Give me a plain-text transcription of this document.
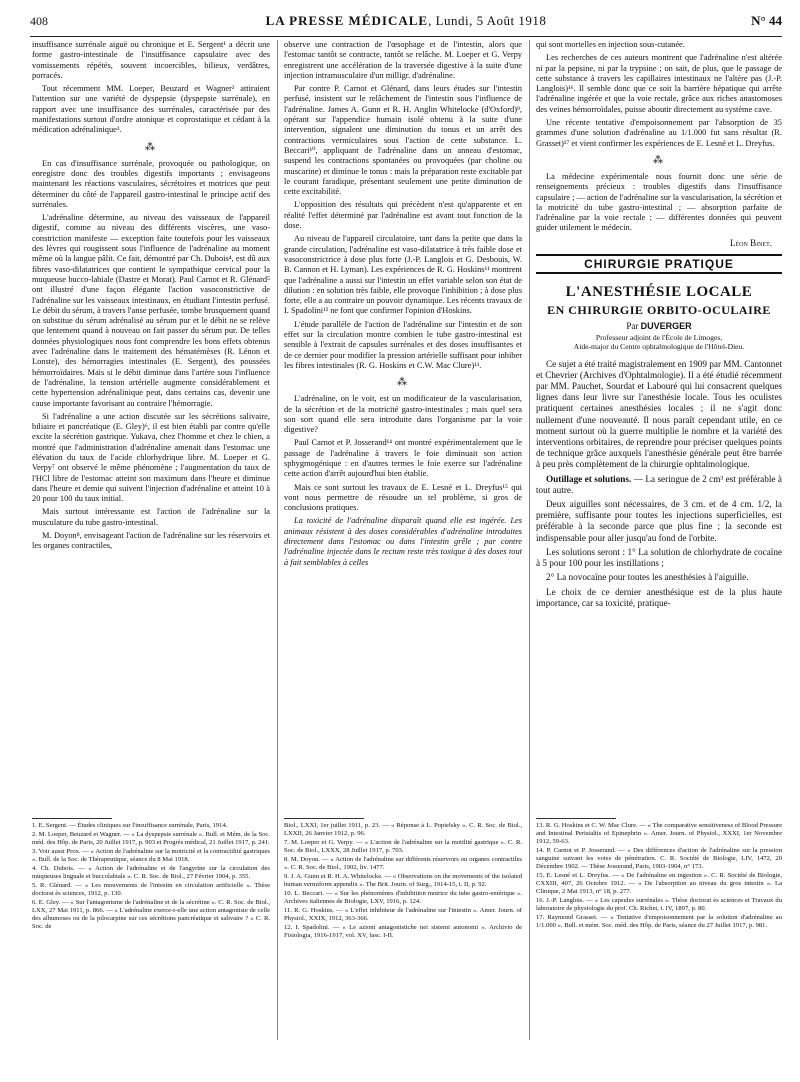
408	LA PRESSE MÉDICALE, Lundi, 5 Août 1918	N° 44

insuffisance surrénale aiguë ou chronique et E. Sergent¹ a décrit une forme gastro-intestinale de l'insuffisance capsulaire avec des vomissements répétés, souvent incoercibles, bilieux, verdâtres, porracés.

Tout récemment MM. Loeper, Beuzard et Wagner² attiraient l'attention sur une variété de dyspepsie (dyspepsie surrénale), en rapport avec une insuffisance des surrénales, caractérisée par des manifestations surtout d'ordre atonique et coprostatique et cédant à la médication adrénalinique³.

⁂

En cas d'insuffisance surrénale, provoquée ou pathologique, on enregistre donc des troubles digestifs importants ; envisageons maintenant les réactions vasculaires, sécrétoires et motrices que peut déterminer du côté de l'appareil gastro-intestinal le principe actif des surrénales.

L'adrénaline détermine, au niveau des vaisseaux de l'appareil digestif, comme au niveau des différents viscères, une vaso-constriction manifeste — exception faite toutefois pour les vaisseaux des lèvres qui rougissent sous l'influence de l'adrénaline au moment même où la langue pâlit. Ce fait, démontré par Ch. Dubois⁴, est dû aux fibres vaso-dilatatrices que contient le sympathique cervical pour la muqueuse bucco-labiale (Dastre et Morat). Paul Carnot et R. Glénard⁵ ont illustré d'une façon élégante l'action vasoconstrictive de l'adrénaline sur les vaisseaux intestinaux, en étudiant l'intestin perfusé. Le débit du sérum, à travers l'anse perfusée, tombe brusquement quand on substitue du sérum adrénalisé au sérum pur et le débit ne se relève que lentement quand à nouveau on fait passer du sérum pur. De telles données physiologiques nous font comprendre les bons effets obtenus avec l'adrénaline dans le traitement des hématémèses (R. Lénon et Lonste), des hémorragies intestinales (E. Sergent), des poussées hémorroïdaires. Mais si le débit diminue dans l'artère sous l'influence de l'adrénaline, la tension artérielle augmente considérablement et cette hypertension adrénalinique peut, dans certains cas, devenir une cause importante favorisant au contraire l'hémorragie.

Si l'adrénaline a une action discutée sur les sécrétions salivaire, biliaire et pancréatique (E. Gley)⁶, il est bien établi par contre qu'elle excite la sécrétion gastrique. Yukava, chez l'homme et chez le chien, a montré que l'administration d'adrénaline amenait dans l'estomac une élévation du taux de l'acide chlorhydrique libre. M. Loeper et G. Verpy⁷ ont observé le même phénomène ; l'augmentation du taux de l'HCl libre de l'estomac atteint son maximum dans l'heure et diminue dans l'heure et demie qui suivent l'injection d'adrénaline et atteint 10 à 20 pour 100 du taux initial.

Mais surtout intéressante est l'action de l'adrénaline sur la musculature du tube gastro-intestinal.

M. Doyon⁸, envisageant l'action de l'adrénaline sur les réservoirs et les organes contractiles,

observe une contraction de l'œsophage et de l'intestin, alors que l'estomac tantôt se contracte, tantôt se relâche. M. Loeper et G. Verpy enregistrent une accélération de la traversée digestive à la suite d'une injection intramusculaire d'un milligr. d'adrénaline.

Par contre P. Carnot et Glénard, dans leurs études sur l'intestin perfusé, insistent sur le relâchement de l'intestin sous l'influence de l'adrénaline. James A. Gunn et R. H. Anglin Whitelocke (d'Oxford)⁹, opérant sur l'appendice humain isolé obtenu à la suite d'une intervention, signalent une diminution du tonus et un arrêt des contractions vermiculaires sous l'action de cette substance. L. Beccari¹⁰, appliquant de l'adrénaline dans un anneau d'estomac, suspend les contractions spontanées ou provoquées (par choline ou muscarine) et diminue le tonus : mais la préparation reste excitable par le courant faradique, présentant seulement une petite diminution de cette excitabilité.

L'opposition des résultats qui précèdent n'est qu'apparente et en réalité l'effet déterminé par l'adrénaline est avant tout fonction de la dose.

Au niveau de l'appareil circulatoire, tant dans la petite que dans la grande circulation, l'adrénaline est vaso-dilatatrice à très faible dose et vasoconstrictrice à dose plus forte (J.-P. Langlois et G. Desbouis, W. B. Cannon et H. Lyman). Les expériences de R. G. Hoskins¹¹ montrent que l'adrénaline a aussi sur l'intestin un effet variable selon son état de dilution : en solution très faible, elle provoque l'inhibition ; à dose plus forte, elle a au contraire un pouvoir dynamique. Les récents travaux de I. Spadolini¹² ne font que confirmer l'opinion d'Hoskins.

L'étude parallèle de l'action de l'adrénaline sur l'intestin et de son effet sur la circulation montre combien le tube gastro-intestinal est sensible à l'extrait de capsules surrénales et des doses insuffisantes et de ce dernier pour modifier la pression artérielle suffisant pour inhiber les fibres intestinales (R. G. Hoskins et C.W. Mac Clure)¹³.

⁂

L'adrénaline, on le voit, est un modificateur de la vascularisation, de la sécrétion et de la motricité gastro-intestinales ; mais quel sera son sort quand elle sera introduite dans l'organisme par la voie digestive?

Paul Carnot et P. Josserand¹⁴ ont montré expérimentalement que le passage de l'adrénaline à travers le foie diminuait son action sphygmogénique : en d'autres termes le foie exerce sur l'adrénaline cette action d'arrêt aujourd'hui bien établie.

Mais ce sont surtout les travaux de E. Lesné et L. Dreyfus¹⁵ qui vont nous permettre de résoudre un tel problème, si gros de conclusions pratiques.

La toxicité de l'adrénaline disparaît quand elle est ingérée. Les animaux résistent à des doses considérables d'adrénaline introduites directement dans l'estomac ou dans l'intestin grêle ; par contre l'adrénaline injectée dans le rectum reste très toxique à des doses tout à fait semblables à celles

qui sont mortelles en injection sous-cutanée.

Les recherches de ces auteurs montrent que l'adrénaline n'est altérée ni par la pepsine, ni par la trypsine ; on sait, de plus, que le passage de cette substance à travers les capillaires intestinaux ne l'altère pas (J.-P. Langlois)¹⁶. Il semble donc que ce soit la barrière hépatique qui arrête l'adrénaline ingérée et que la voie rectale, grâce aux riches anastomoses des veines hémorroïdales, puisse aboutir directement au système cave.

Une récente tentative d'empoisonnement par l'absorption de 35 grammes d'une solution d'adrénaline au 1/1.000 fut sans résultat (R. Grasset)¹⁷ et vient confirmer les expériences de E. Lesné et L. Dreyfus.

⁂

La médecine expérimentale nous fournit donc une série de renseignements précieux : troubles digestifs dans l'insuffisance capsulaire ; — action de l'adrénaline sur la vascularisation, la sécrétion et la motricité du tube gastro-intestinal ; — absorption parfaite de l'adrénaline par la voie rectale ; — différentes données qui peuvent guider utilement le médecin.

Léon Binet.
CHIRURGIE PRATIQUE
L'ANESTHÉSIE LOCALE
EN CHIRURGIE ORBITO-OCULAIRE
Par DUVERGER
Professeur adjoint de l'École de Limoges,
Aide-major du Centre ophtalmologique de l'Hôtel-Dieu.

Ce sujet a été traité magistralement en 1909 par MM. Cantonnet et Chevrier (Archives d'Ophtalmologie). Il a été étudié récemment par MM. Pauchet, Sourdat et Labouré qui lui consacrent quelques lignes dans leur livre sur l'anesthésie locale. Tous les oculistes pratiquent certaines anesthésies locales ; il ne s'agit donc nullement d'une nouveauté. Il nous paraît cependant utile, en ce moment surtout où la guerre multiplie le nombre et la variété des interventions orbitaires, de reprendre pour préciser quelques points de technique grâce auxquels l'anesthésie générale peut être barrée à peu près complètement de la chirurgie ophtalmologique.

Outillage et solutions. — La seringue de 2 cm³ est préférable à tout autre.

Deux aiguilles sont nécessaires, de 3 cm. et de 4 cm. 1/2, la première, suffisante pour toutes les injections superficielles, est préférable à la seconde parce que plus fine ; la seconde est indispensable pour aller jusqu'au fond de l'orbite.

Les solutions seront : 1° La solution de chlorhydrate de cocaïne à 5 pour 100 pour les instillations ;

2° La novocaïne pour toutes les anesthésies à l'aiguille.

Le choix de ce dernier anesthésique est de la plus haute importance, car sa toxicité, pratique-

1. E. Sergent. — Études cliniques sur l'insuffisance surrénale, Paris, 1914.
2. M. Loeper, Beuzard et Wagner. — « La dyspepsie surrénale ». Bull. et Mém. de la Soc. méd. des Hôp. de Paris, 20 Juillet 1917, p. 903 et Progrès médical, 21 Juillet 1917, p. 241.
3. Voir aussi Prox. — « Action de l'adrénaline sur la motricité et la contractilité gastriques ». Bull. de la Soc. de Thérapeutique, séance du 8 Mai 1918.
4. Ch. Dubois. — « Action de l'adrénaline et de l'angyrine sur la circulation des muqueuses linguale et buccolabiale ». C. R. Soc. de Biol., 27 Février 1904, p. 355.
5. R. Glénard. — « Les mouvements de l'intestin en circulation artificielle ». Thèse doctorat ès sciences, 1912, p. 130.
6. E. Gley. — « Sur l'antagonisme de l'adrénaline et de la sécrétine ». C. R. Soc. de Biol., LXX, 27 Mai 1911, p. 866. — « L'adrénaline exerce-t-elle une action antagoniste de celle des albumoses ou de la pilocarpine sur ces sécrétions pancréatique et salivaire ? » C. R. Soc. de
Biol., LXXI, 1er juillet 1911, p. 23. — « Réponse à L. Popielsky ». C. R. Soc. de Biol., LXXII, 26 Janvier 1912, p. 96.
7. M. Loeper et G. Verpy. — « L'action de l'adrénaline sur la motilité gastrique ». C. R. Soc. de Biol., LXXX, 28 Juillet 1917, p. 703.
8. M. Doyon. — « Action de l'adrénaline sur différents réservoirs ou organes contractiles ». C. R. Soc. de Biol., 1902, liv. 1477.
9. J. A. Gunn et R. H. A. Whitelocke. — « Observations on the movements of the isolated human vermiform appendix ». The Brit. Journ. of Surg., 1914-15, t. II, p. 92.
10. L. Beccari. — « Sur les phénomènes d'inhibition motrice du tube gastro-entérique ». Archives italiennes de Biologie, LXV, 1916, p. 124.
11. R. G. Hoskins. — « L'effet inhibiteur de l'adrénaline sur l'intestin ». Amer. Journ. of Physiol., XXIX, 1912, 363-366.
12. I. Spadolini. — « Le azioni antagonistiche nei sistemi autonomi ». Archivio de Fisiologia, 1916-1917, vol. XV, fasc. I-II.
13. R. G. Hoskins et C. W. Mac Clure. — « The comparative sensitiveness of Blood Pressure and Intestinal Peristaltis of Epinephrin ». Amer. Journ. of Physiol., XXXI, 1er Novembre 1912, 59-63.
14. P. Carnot et P. Josserand. — « Des différences d'action de l'adrénaline sur la pression sanguine suivant les voies de pénétration. C. R. Société de Biologie, LIV, 1472, 20 Décembre 1902. — Thèse Josserand, Paris, 1903-1904, n° 173.
15. E. Lesné et L. Dreyfus. — « De l'adrénaline en ingestion ». C. R. Société de Biologie, CXXIII, 407, 26 Octobre 1912. — « De l'absorption au niveau du gros intestin ». La Clinique, 2 Mai 1913, n° 18, p. 277.
16. J.-P. Langlois. — « Les capsules surrénales ». Thèse doctorat ès sciences et Travaux du laboratoire de physiologie du prof. Ch. Richet, t. IV, 1897, p. 80.
17. Raymond Grasset. — « Tentative d'empoisonnement par la solution d'adrénaline au 1/1.000 ». Bull. et mém. Soc. méd. des Hôp. de Paris, séance du 27 Juillet 1917, p. 981.
